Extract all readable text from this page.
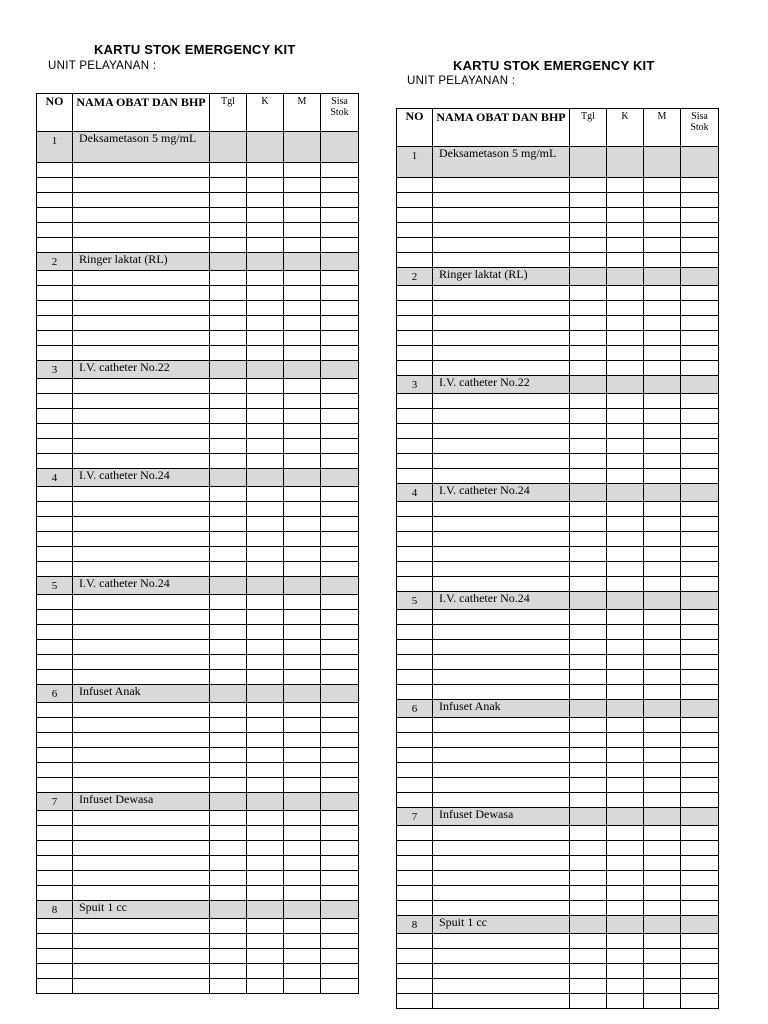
KARTU STOK EMERGENCY KIT
UNIT PELAYANAN :
NO	NAMA OBAT DAN BHP	Tgl	K	M	Sisa Stok
1	Deksametason 5 mg/mL				

2	Ringer laktat (RL)				

3	I.V. catheter No.22				

4	I.V. catheter No.24				

5	I.V. catheter No.24				

6	Infuset Anak				

7	Infuset Dewasa				

8	Spuit 1 cc				

KARTU STOK EMERGENCY KIT
UNIT PELAYANAN :
NO	NAMA OBAT DAN BHP	Tgl	K	M	Sisa Stok
1	Deksametason 5 mg/mL				

2	Ringer laktat (RL)				

3	I.V. catheter No.22				

4	I.V. catheter No.24				

5	I.V. catheter No.24				

6	Infuset Anak				

7	Infuset Dewasa				

8	Spuit 1 cc				
